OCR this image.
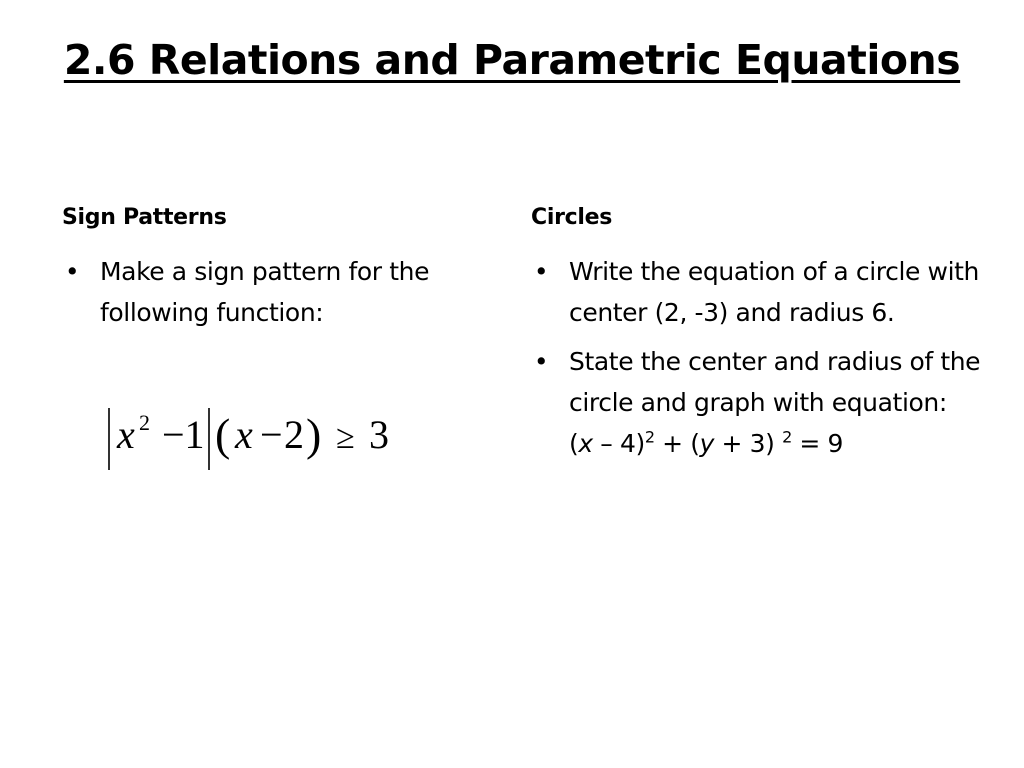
2.6 Relations and Parametric Equations
Sign Patterns
• Make a sign pattern for the following function:
x 2 −1 ( x − 2 ) ≥ 3
Circles
• Write the equation of a circle with center (2, -3) and radius 6.
• State the center and radius of the circle and graph with equation:
(x – 4)$^2$ + (y + 3) $^2$ = 9
